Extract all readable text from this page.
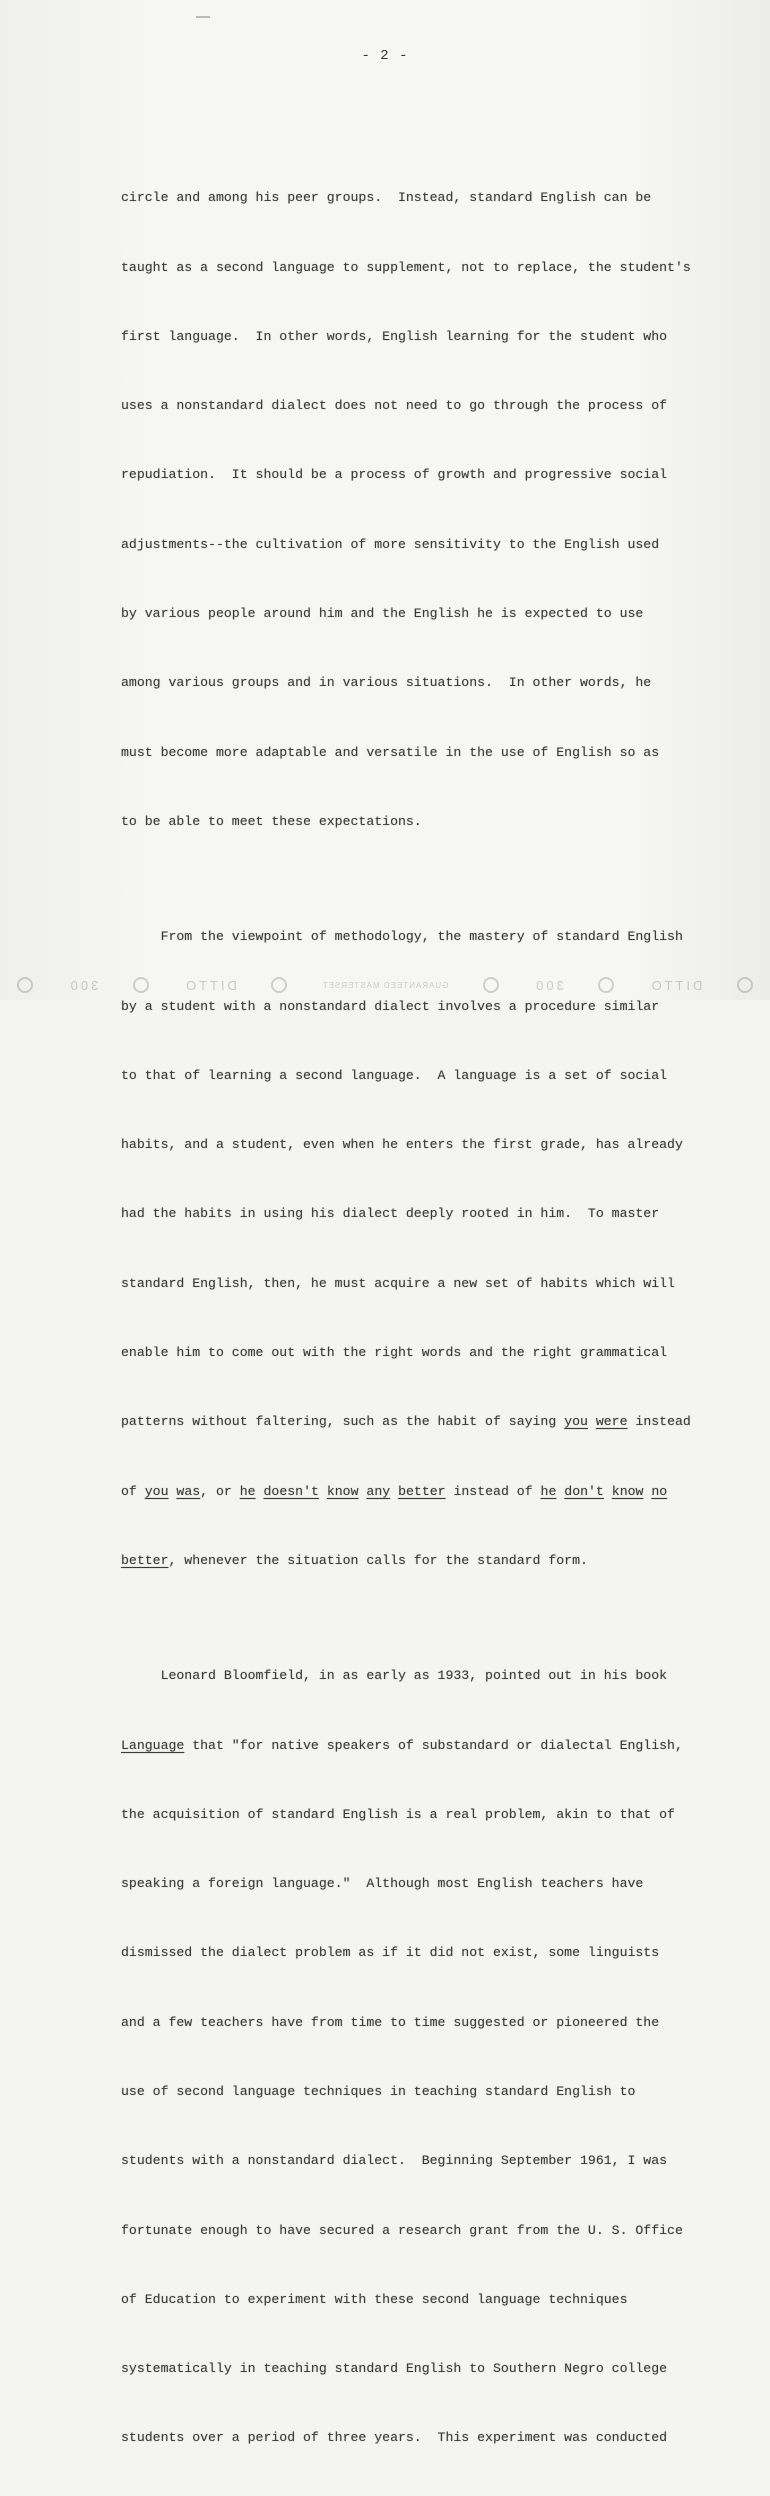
- 2 -

circle and among his peer groups.  Instead, standard English can be

taught as a second language to supplement, not to replace, the student's

first language.  In other words, English learning for the student who

uses a nonstandard dialect does not need to go through the process of

repudiation.  It should be a process of growth and progressive social

adjustments--the cultivation of more sensitivity to the English used

by various people around him and the English he is expected to use

among various groups and in various situations.  In other words, he

must become more adaptable and versatile in the use of English so as

to be able to meet these expectations.

From the viewpoint of methodology, the mastery of standard English

by a student with a nonstandard dialect involves a procedure similar

to that of learning a second language.  A language is a set of social

habits, and a student, even when he enters the first grade, has already

had the habits in using his dialect deeply rooted in him.  To master

standard English, then, he must acquire a new set of habits which will

enable him to come out with the right words and the right grammatical

patterns without faltering, such as the habit of saying you were instead

of you was, or he doesn't know any better instead of he don't know no

better, whenever the situation calls for the standard form.

Leonard Bloomfield, in as early as 1933, pointed out in his book

Language that "for native speakers of substandard or dialectal English,

the acquisition of standard English is a real problem, akin to that of

speaking a foreign language."  Although most English teachers have

dismissed the dialect problem as if it did not exist, some linguists

and a few teachers have from time to time suggested or pioneered the

use of second language techniques in teaching standard English to

students with a nonstandard dialect.  Beginning September 1961, I was

fortunate enough to have secured a research grant from the U. S. Office

of Education to experiment with these second language techniques

systematically in teaching standard English to Southern Negro college

students over a period of three years.  This experiment was conducted

DITTO
300
GUARANTEED MASTERSET
DITTO
300
